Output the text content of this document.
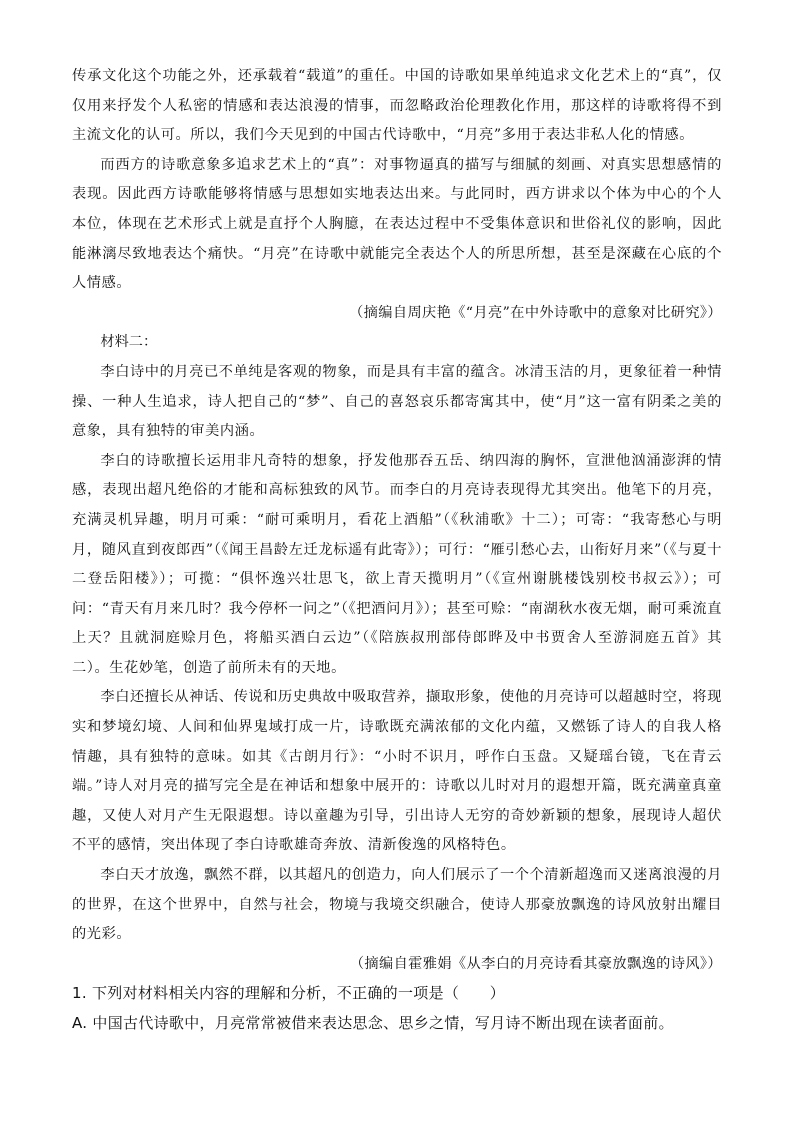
传承文化这个功能之外，还承载着“载道”的重任。中国的诗歌如果单纯追求文化艺术上的“真”，仅仅用来抒发个人私密的情感和表达浪漫的情事，而忽略政治伦理教化作用，那这样的诗歌将得不到主流文化的认可。所以，我们今天见到的中国古代诗歌中，“月亮”多用于表达非私人化的情感。

而西方的诗歌意象多追求艺术上的“真”：对事物逼真的描写与细腻的刻画、对真实思想感情的表现。因此西方诗歌能够将情感与思想如实地表达出来。与此同时，西方讲求以个体为中心的个人本位，体现在艺术形式上就是直抒个人胸臆，在表达过程中不受集体意识和世俗礼仪的影响，因此能淋漓尽致地表达个痛快。“月亮”在诗歌中就能完全表达个人的所思所想，甚至是深藏在心底的个人情感。

（摘编自周庆艳《“月亮”在中外诗歌中的意象对比研究》）

材料二：

李白诗中的月亮已不单纯是客观的物象，而是具有丰富的蕴含。冰清玉洁的月，更象征着一种情操、一种人生追求，诗人把自己的“梦”、自己的喜怒哀乐都寄寓其中，使“月”这一富有阴柔之美的意象，具有独特的审美内涵。

李白的诗歌擅长运用非凡奇特的想象，抒发他那吞五岳、纳四海的胸怀，宣泄他汹涌澎湃的情感，表现出超凡绝俗的才能和高标独致的风节。而李白的月亮诗表现得尤其突出。他笔下的月亮，充满灵机异趣，明月可乘：“耐可乘明月，看花上酒船”（《秋浦歌》十二）；可寄：“我寄愁心与明月，随风直到夜郎西”（《闻王昌龄左迁龙标遥有此寄》）；可行：“雁引愁心去，山衔好月来”（《与夏十二登岳阳楼》）；可揽：“俱怀逸兴壮思飞，欲上青天揽明月”（《宣州谢朓楼饯别校书叔云》）；可问：“青天有月来几时？我今停杯一问之”（《把酒问月》）；甚至可赊：“南湖秋水夜无烟，耐可乘流直上天？且就洞庭赊月色，将船买酒白云边”（《陪族叔刑部侍郎晔及中书贾舍人至游洞庭五首》其二）。生花妙笔，创造了前所未有的天地。

李白还擅长从神话、传说和历史典故中吸取营养，撷取形象，使他的月亮诗可以超越时空，将现实和梦境幻境、人间和仙界鬼域打成一片，诗歌既充满浓郁的文化内蕴，又燃铄了诗人的自我人格情趣，具有独特的意味。如其《古朗月行》：“小时不识月，呼作白玉盘。又疑瑶台镜，飞在青云端。”诗人对月亮的描写完全是在神话和想象中展开的：诗歌以儿时对月的遐想开篇，既充满童真童趣，又使人对月产生无限遐想。诗以童趣为引导，引出诗人无穷的奇妙新颖的想象，展现诗人超伏不平的感情，突出体现了李白诗歌雄奇奔放、清新俊逸的风格特色。

李白天才放逸，飘然不群，以其超凡的创造力，向人们展示了一个个清新超逸而又迷离浪漫的月的世界，在这个世界中，自然与社会，物境与我境交织融合，使诗人那豪放飘逸的诗风放射出耀目的光彩。

（摘编自霍雅娟《从李白的月亮诗看其豪放飘逸的诗风》）

1. 下列对材料相关内容的理解和分析，不正确的一项是（　　）

A. 中国古代诗歌中，月亮常常被借来表达思念、思乡之情，写月诗不断出现在读者面前。
